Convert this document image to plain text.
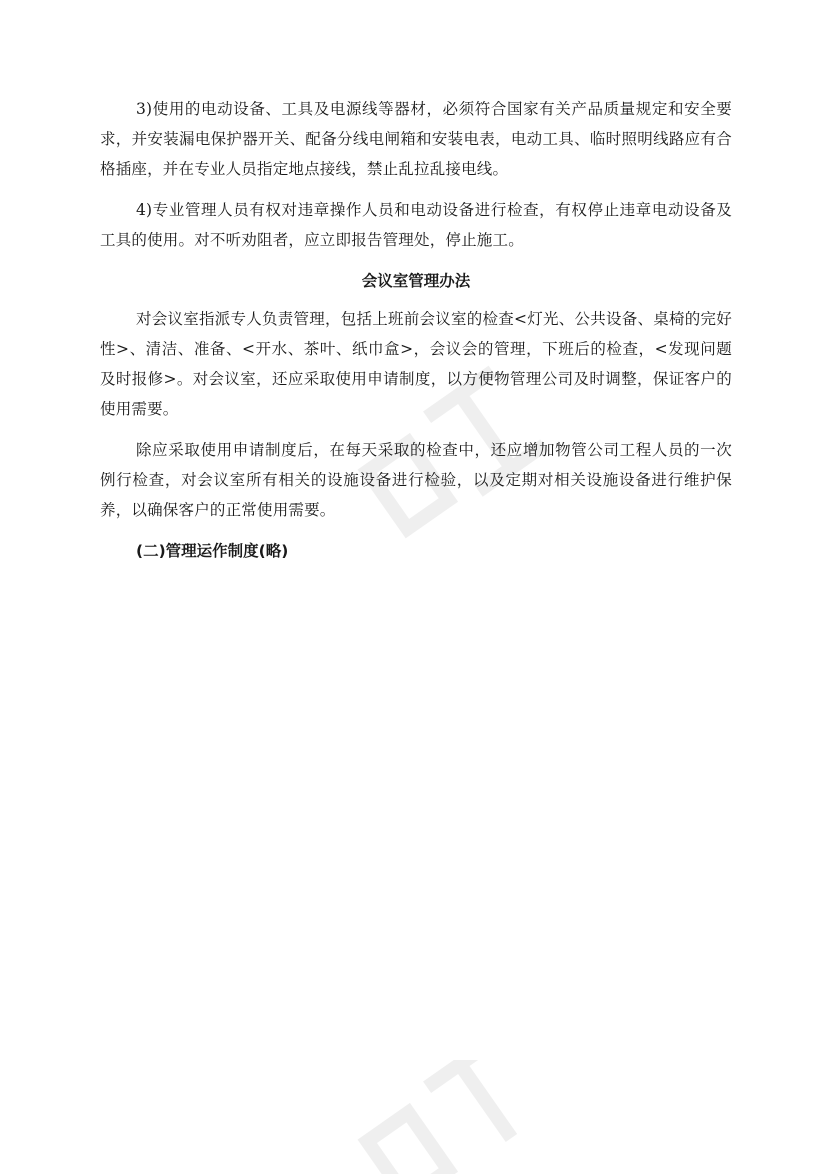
3)使用的电动设备、工具及电源线等器材，必须符合国家有关产品质量规定和安全要求，并安装漏电保护器开关、配备分线电闸箱和安装电表，电动工具、临时照明线路应有合格插座，并在专业人员指定地点接线，禁止乱拉乱接电线。

4)专业管理人员有权对违章操作人员和电动设备进行检查，有权停止违章电动设备及工具的使用。对不听劝阻者，应立即报告管理处，停止施工。

会议室管理办法

对会议室指派专人负责管理，包括上班前会议室的检查<灯光、公共设备、桌椅的完好性>、清洁、准备、<开水、茶叶、纸巾盒>，会议会的管理，下班后的检查，<发现问题及时报修>。对会议室，还应采取使用申请制度，以方便物管理公司及时调整，保证客户的使用需要。

除应采取使用申请制度后，在每天采取的检查中，还应增加物管公司工程人员的一次例行检查，对会议室所有相关的设施设备进行检验，以及定期对相关设施设备进行维护保养，以确保客户的正常使用需要。

(二)管理运作制度(略)
